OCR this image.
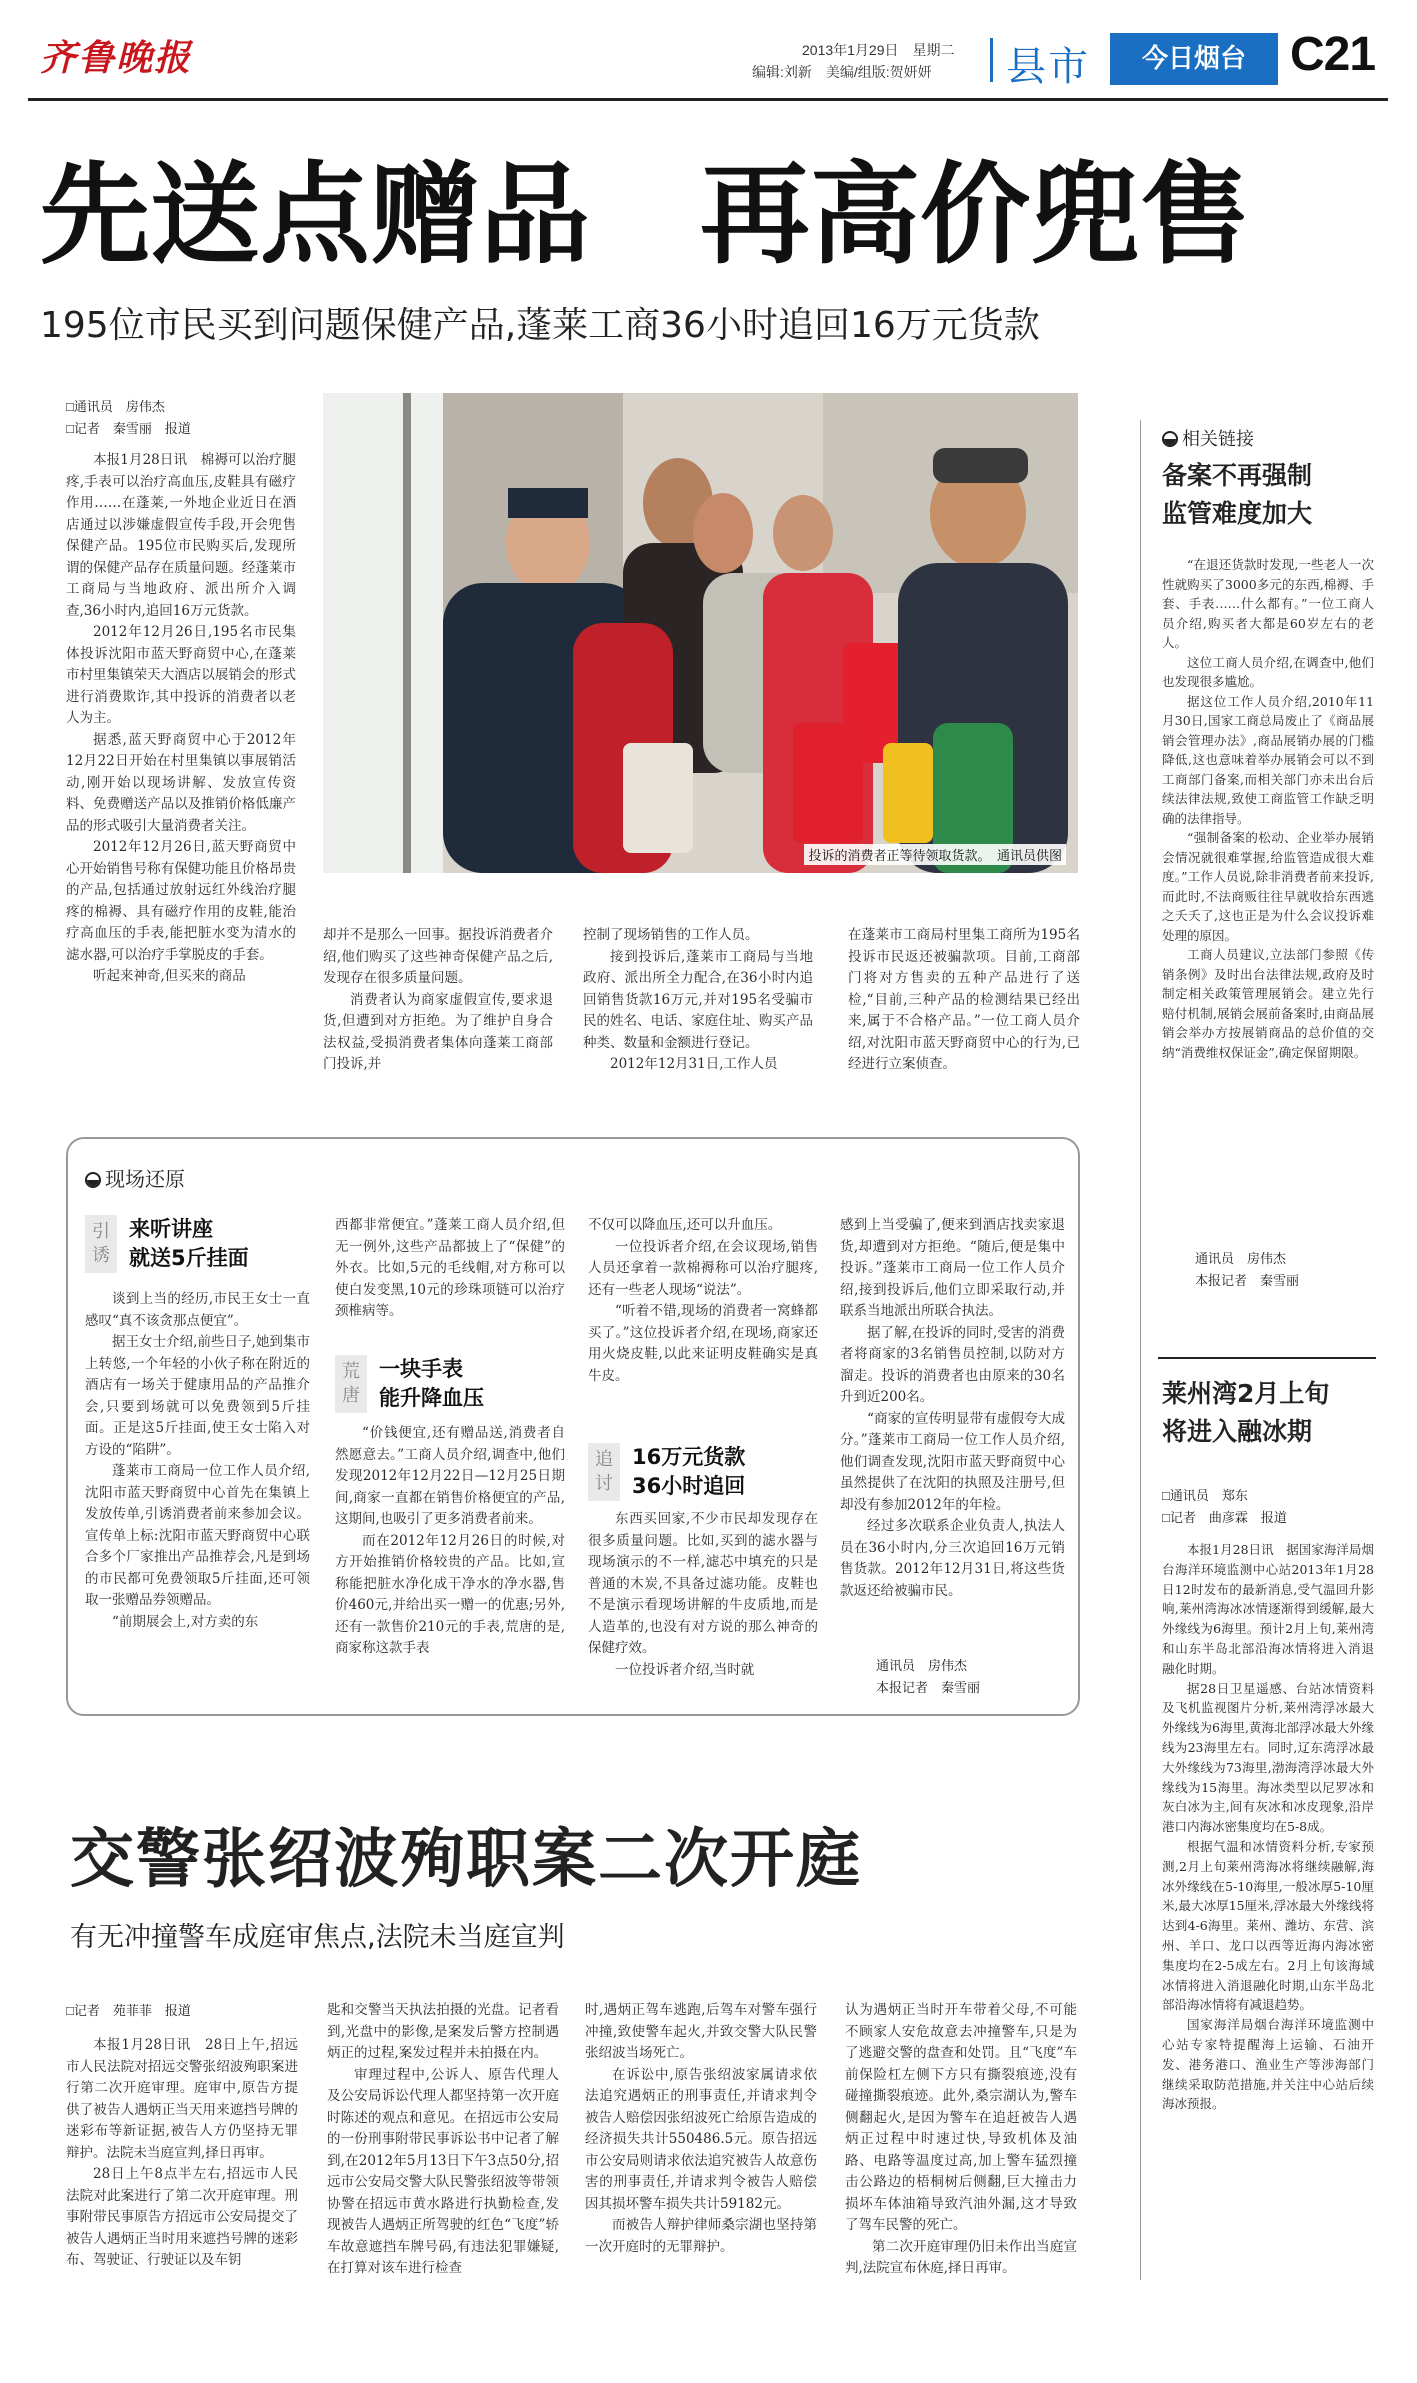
齐鲁晚报	2013年1月29日　星期二
编辑:刘新　美编/组版:贺妍妍 县市	今日烟台 C21
先送点赠品　再高价兜售
195位市民买到问题保健产品,蓬莱工商36小时追回16万元货款
□通讯员　房伟杰
□记者　秦雪丽　报道

本报1月28日讯　棉褥可以治疗腿疼,手表可以治疗高血压,皮鞋具有磁疗作用……在蓬莱,一外地企业近日在酒店通过以涉嫌虚假宣传手段,开会兜售保健产品。195位市民购买后,发现所谓的保健产品存在质量问题。经蓬莱市工商局与当地政府、派出所介入调查,36小时内,追回16万元货款。

2012年12月26日,195名市民集体投诉沈阳市蓝天野商贸中心,在蓬莱市村里集镇荣天大酒店以展销会的形式进行消费欺诈,其中投诉的消费者以老人为主。

据悉,蓝天野商贸中心于2012年12月22日开始在村里集镇以事展销活动,刚开始以现场讲解、发放宣传资料、免费赠送产品以及推销价格低廉产品的形式吸引大量消费者关注。

2012年12月26日,蓝天野商贸中心开始销售号称有保健功能且价格昂贵的产品,包括通过放射远红外线治疗腿疼的棉褥、具有磁疗作用的皮鞋,能治疗高血压的手表,能把脏水变为清水的滤水器,可以治疗手掌脱皮的手套。

听起来神奇,但买来的商品

投诉的消费者正等待领取货款。　通讯员供图

却并不是那么一回事。据投诉消费者介绍,他们购买了这些神奇保健产品之后,发现存在很多质量问题。

消费者认为商家虚假宣传,要求退货,但遭到对方拒绝。为了维护自身合法权益,受损消费者集体向蓬莱工商部门投诉,并

控制了现场销售的工作人员。

接到投诉后,蓬莱市工商局与当地政府、派出所全力配合,在36小时内追回销售货款16万元,并对195名受骗市民的姓名、电话、家庭住址、购买产品种类、数量和金额进行登记。

2012年12月31日,工作人员

在蓬莱市工商局村里集工商所为195名投诉市民返还被骗款项。目前,工商部门将对方售卖的五种产品进行了送检,“目前,三种产品的检测结果已经出来,属于不合格产品。”一位工商人员介绍,对沈阳市蓝天野商贸中心的行为,已经进行立案侦查。

相关链接
备案不再强制
监管难度加大

“在退还货款时发现,一些老人一次性就购买了3000多元的东西,棉褥、手套、手表……什么都有。”一位工商人员介绍,购买者大都是60岁左右的老人。

这位工商人员介绍,在调查中,他们也发现很多尴尬。

据这位工作人员介绍,2010年11月30日,国家工商总局废止了《商品展销会管理办法》,商品展销办展的门槛降低,这也意味着举办展销会可以不到工商部门备案,而相关部门亦未出台后续法律法规,致使工商监管工作缺乏明确的法律指导。

“强制备案的松动、企业举办展销会情况就很难掌握,给监管造成很大难度。”工作人员说,除非消费者前来投诉,而此时,不法商贩往往早就收拾东西逃之夭夭了,这也正是为什么会议投诉难处理的原因。

工商人员建议,立法部门参照《传销条例》及时出台法律法规,政府及时制定相关政策管理展销会。建立先行赔付机制,展销会展前备案时,由商品展销会举办方按展销商品的总价值的交纳“消费维权保证金”,确定保留期限。

通讯员　房伟杰
本报记者　秦雪丽
莱州湾2月上旬
将进入融冰期
□通讯员　郑东
□记者　曲彦霖　报道

本报1月28日讯　据国家海洋局烟台海洋环境监测中心站2013年1月28日12时发布的最新消息,受气温回升影响,莱州湾海冰冰情逐渐得到缓解,最大外缘线为6海里。预计2月上旬,莱州湾和山东半岛北部沿海冰情将进入消退融化时期。

据28日卫星遥感、台站冰情资料及飞机监视图片分析,莱州湾浮冰最大外缘线为6海里,黄海北部浮冰最大外缘线为23海里左右。同时,辽东湾浮冰最大外缘线为73海里,渤海湾浮冰最大外缘线为15海里。海冰类型以尼罗冰和灰白冰为主,间有灰冰和冰皮现象,沿岸港口内海冰密集度均在5-8成。

根据气温和冰情资料分析,专家预测,2月上旬莱州湾海冰将继续融解,海冰外缘线在5-10海里,一般冰厚5-10厘米,最大冰厚15厘米,浮冰最大外缘线将达到4-6海里。莱州、潍坊、东营、滨州、羊口、龙口以西等近海内海冰密集度均在2-5成左右。2月上旬该海域冰情将进入消退融化时期,山东半岛北部沿海冰情将有减退趋势。

国家海洋局烟台海洋环境监测中心站专家特提醒海上运输、石油开发、港务港口、渔业生产等涉海部门继续采取防范措施,并关注中心站后续海冰预报。

现场还原
引诱
来听讲座
就送5斤挂面

谈到上当的经历,市民王女士一直感叹“真不该贪那点便宜”。

据王女士介绍,前些日子,她到集市上转悠,一个年轻的小伙子称在附近的酒店有一场关于健康用品的产品推介会,只要到场就可以免费领到5斤挂面。正是这5斤挂面,使王女士陷入对方设的“陷阱”。

蓬莱市工商局一位工作人员介绍,沈阳市蓝天野商贸中心首先在集镇上发放传单,引诱消费者前来参加会议。宣传单上标:沈阳市蓝天野商贸中心联合多个厂家推出产品推荐会,凡是到场的市民都可免费领取5斤挂面,还可领取一张赠品券领赠品。

“前期展会上,对方卖的东

西都非常便宜。”蓬莱工商人员介绍,但无一例外,这些产品都披上了“保健”的外衣。比如,5元的毛线帽,对方称可以使白发变黑,10元的珍珠项链可以治疗颈椎病等。

荒唐
一块手表
能升降血压

“价钱便宜,还有赠品送,消费者自然愿意去。”工商人员介绍,调查中,他们发现2012年12月22日—12月25日期间,商家一直都在销售价格便宜的产品,这期间,也吸引了更多消费者前来。

而在2012年12月26日的时候,对方开始推销价格较贵的产品。比如,宣称能把脏水净化成干净水的净水器,售价460元,并给出买一赠一的优惠;另外,还有一款售价210元的手表,荒唐的是,商家称这款手表

不仅可以降血压,还可以升血压。

一位投诉者介绍,在会议现场,销售人员还拿着一款棉褥称可以治疗腿疼,还有一些老人现场“说法”。

“听着不错,现场的消费者一窝蜂都买了。”这位投诉者介绍,在现场,商家还用火烧皮鞋,以此来证明皮鞋确实是真牛皮。

追讨
16万元货款
36小时追回

东西买回家,不少市民却发现存在很多质量问题。比如,买到的滤水器与现场演示的不一样,滤芯中填充的只是普通的木炭,不具备过滤功能。皮鞋也不是演示看现场讲解的牛皮质地,而是人造革的,也没有对方说的那么神奇的保健疗效。

一位投诉者介绍,当时就

感到上当受骗了,便来到酒店找卖家退货,却遭到对方拒绝。“随后,便是集中投诉。”蓬莱市工商局一位工作人员介绍,接到投诉后,他们立即采取行动,并联系当地派出所联合执法。

据了解,在投诉的同时,受害的消费者将商家的3名销售员控制,以防对方溜走。投诉的消费者也由原来的30名升到近200名。

“商家的宣传明显带有虚假夸大成分。”蓬莱市工商局一位工作人员介绍,他们调查发现,沈阳市蓝天野商贸中心虽然提供了在沈阳的执照及注册号,但却没有参加2012年的年检。

经过多次联系企业负责人,执法人员在36小时内,分三次追回16万元销售货款。2012年12月31日,将这些货款返还给被骗市民。

通讯员　房伟杰
本报记者　秦雪丽
交警张绍波殉职案二次开庭
有无冲撞警车成庭审焦点,法院未当庭宣判
□记者　苑菲菲　报道

本报1月28日讯　28日上午,招远市人民法院对招远交警张绍波殉职案进行第二次开庭审理。庭审中,原告方提供了被告人遇炳正当天用来遮挡号牌的迷彩布等新证据,被告人方仍坚持无罪辩护。法院未当庭宣判,择日再审。

28日上午8点半左右,招远市人民法院对此案进行了第二次开庭审理。刑事附带民事原告方招远市公安局提交了被告人遇炳正当时用来遮挡号牌的迷彩布、驾驶证、行驶证以及车钥

匙和交警当天执法拍摄的光盘。记者看到,光盘中的影像,是案发后警方控制遇炳正的过程,案发过程并未拍摄在内。

审理过程中,公诉人、原告代理人及公安局诉讼代理人都坚持第一次开庭时陈述的观点和意见。在招远市公安局的一份刑事附带民事诉讼书中记者了解到,在2012年5月13日下午3点50分,招远市公安局交警大队民警张绍波等带领协警在招远市黄水路进行执勤检查,发现被告人遇炳正所驾驶的红色“飞度”轿车故意遮挡车牌号码,有违法犯罪嫌疑,在打算对该车进行检查

时,遇炳正驾车逃跑,后驾车对警车强行冲撞,致使警车起火,并致交警大队民警张绍波当场死亡。

在诉讼中,原告张绍波家属请求依法追究遇炳正的刑事责任,并请求判令被告人赔偿因张绍波死亡给原告造成的经济损失共计550486.5元。原告招远市公安局则请求依法追究被告人故意伤害的刑事责任,并请求判令被告人赔偿因其损坏警车损失共计59182元。

而被告人辩护律师桑宗湖也坚持第一次开庭时的无罪辩护。

认为遇炳正当时开车带着父母,不可能不顾家人安危故意去冲撞警车,只是为了逃避交警的盘查和处罚。且“飞度”车前保险杠左侧下方只有撕裂痕迹,没有碰撞撕裂痕迹。此外,桑宗湖认为,警车侧翻起火,是因为警车在追赶被告人遇炳正过程中时速过快,导致机体及油路、电路等温度过高,加上警车猛烈撞击公路边的梧桐树后侧翻,巨大撞击力损坏车体油箱导致汽油外漏,这才导致了驾车民警的死亡。

第二次开庭审理仍旧未作出当庭宣判,法院宣布休庭,择日再审。
